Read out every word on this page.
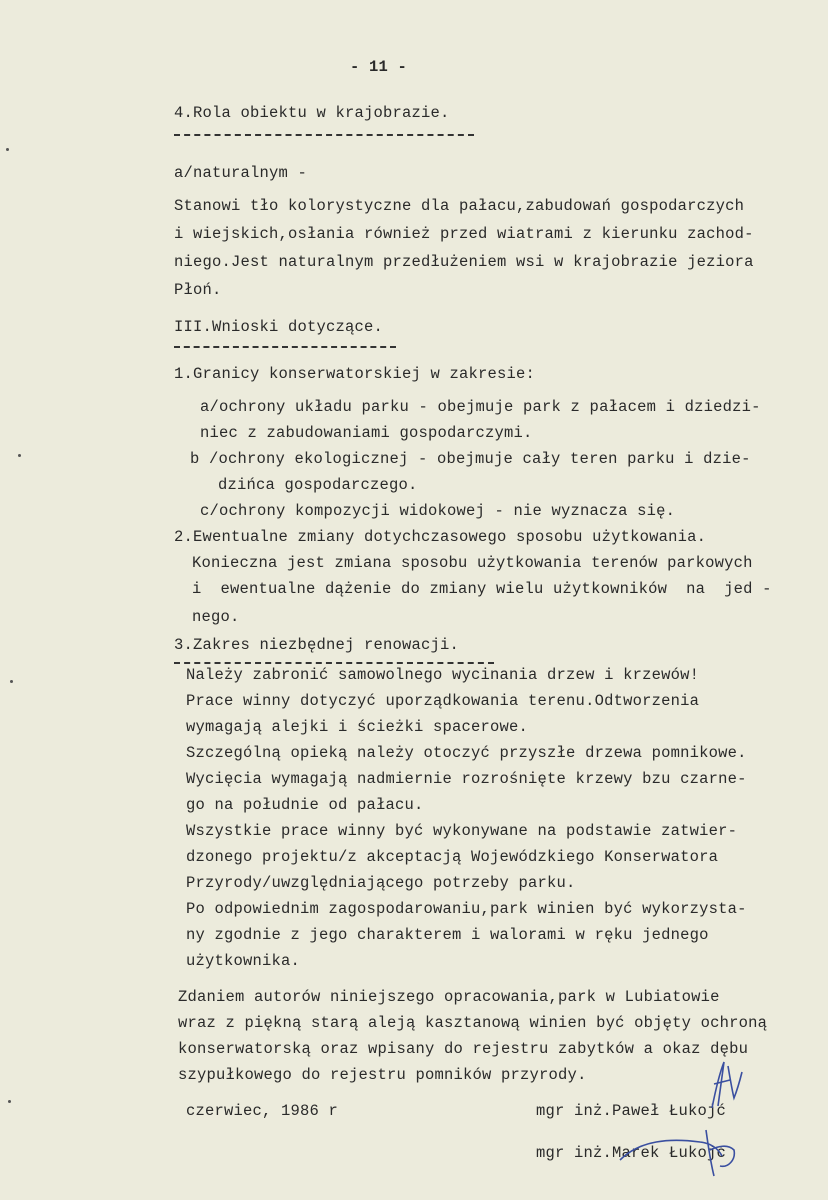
- 11 -
4.Rola obiektu w krajobrazie.
a/naturalnym -
Stanowi tło kolorystyczne dla pałacu,zabudowań gospodarczych
i wiejskich,osłania również przed wiatrami z kierunku zachod-
niego.Jest naturalnym przedłużeniem wsi w krajobrazie jeziora
Płoń.
III.Wnioski dotyczące.
1.Granicy konserwatorskiej w zakresie:
a/ochrony układu parku - obejmuje park z pałacem i dziedzi-
niec z zabudowaniami gospodarczymi.
b /ochrony ekologicznej - obejmuje cały teren parku i dzie-
dzińca gospodarczego.
c/ochrony kompozycji widokowej - nie wyznacza się.
2.Ewentualne zmiany dotychczasowego sposobu użytkowania.
Konieczna jest zmiana sposobu użytkowania terenów parkowych
i  ewentualne dążenie do zmiany wielu użytkowników  na  jed -
nego.
3.Zakres niezbędnej renowacji.
Należy zabronić samowolnego wycinania drzew i krzewów!
Prace winny dotyczyć uporządkowania terenu.Odtworzenia
wymagają alejki i ścieżki spacerowe.
Szczególną opieką należy otoczyć przyszłe drzewa pomnikowe.
Wycięcia wymagają nadmiernie rozrośnięte krzewy bzu czarne-
go na południe od pałacu.
Wszystkie prace winny być wykonywane na podstawie zatwier-
dzonego projektu/z akceptacją Wojewódzkiego Konserwatora
Przyrody/uwzględniającego potrzeby parku.
Po odpowiednim zagospodarowaniu,park winien być wykorzysta-
ny zgodnie z jego charakterem i walorami w ręku jednego
użytkownika.
Zdaniem autorów niniejszego opracowania,park w Lubiatowie
wraz z piękną starą aleją kasztanową winien być objęty ochroną
konserwatorską oraz wpisany do rejestru zabytków a okaz dębu
szypułkowego do rejestru pomników przyrody.
czerwiec, 1986 r	mgr inż.Paweł Łukojć
mgr inż.Marek Łukojć
